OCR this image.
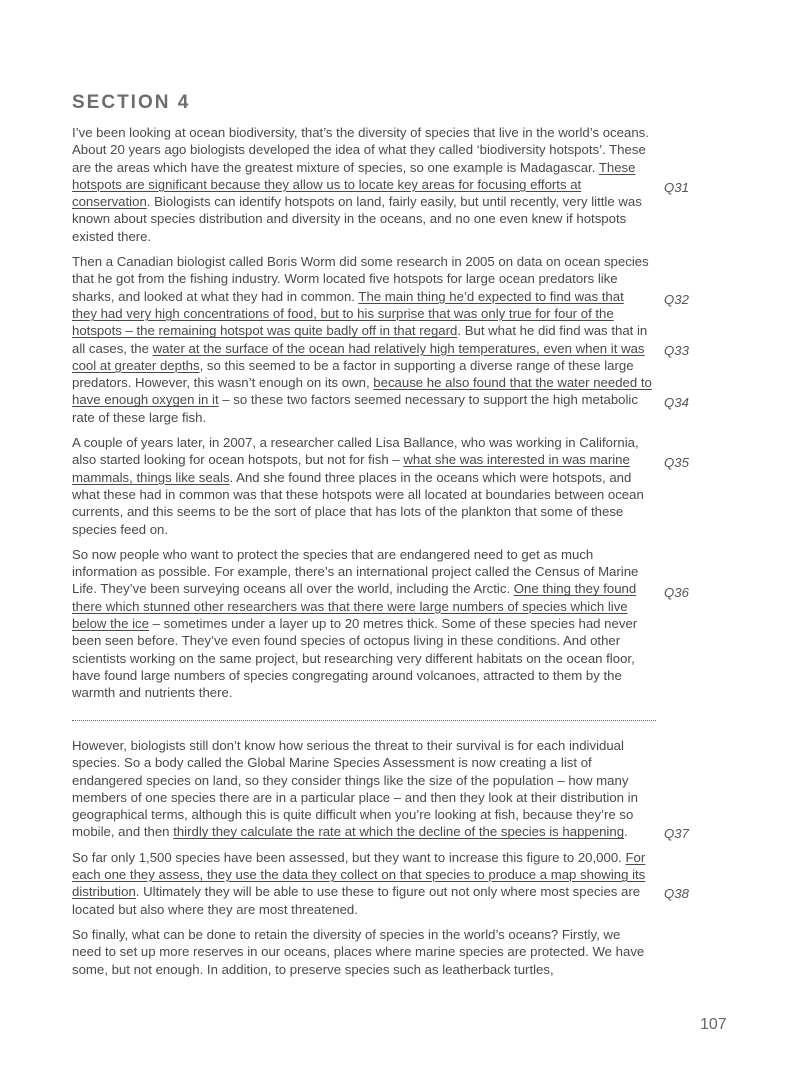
SECTION 4

I’ve been looking at ocean biodiversity, that’s the diversity of species that live in the world’s oceans. About 20 years ago biologists developed the idea of what they called ‘biodiversity hotspots’. These are the areas which have the greatest mixture of species, so one example is Madagascar. These hotspots are significant because they allow us to locate key areas for focusing efforts at conservation. Biologists can identify hotspots on land, fairly easily, but until recently, very little was known about species distribution and diversity in the oceans, and no one even knew if hotspots existed there.

Then a Canadian biologist called Boris Worm did some research in 2005 on data on ocean species that he got from the fishing industry. Worm located five hotspots for large ocean predators like sharks, and looked at what they had in common. The main thing he’d expected to find was that they had very high concentrations of food, but to his surprise that was only true for four of the hotspots – the remaining hotspot was quite badly off in that regard. But what he did find was that in all cases, the water at the surface of the ocean had relatively high temperatures, even when it was cool at greater depths, so this seemed to be a factor in supporting a diverse range of these large predators. However, this wasn’t enough on its own, because he also found that the water needed to have enough oxygen in it – so these two factors seemed necessary to support the high metabolic rate of these large fish.

A couple of years later, in 2007, a researcher called Lisa Ballance, who was working in California, also started looking for ocean hotspots, but not for fish – what she was interested in was marine mammals, things like seals. And she found three places in the oceans which were hotspots, and what these had in common was that these hotspots were all located at boundaries between ocean currents, and this seems to be the sort of place that has lots of the plankton that some of these species feed on.

So now people who want to protect the species that are endangered need to get as much information as possible. For example, there’s an international project called the Census of Marine Life. They’ve been surveying oceans all over the world, including the Arctic. One thing they found there which stunned other researchers was that there were large numbers of species which live below the ice – sometimes under a layer up to 20 metres thick. Some of these species had never been seen before. They’ve even found species of octopus living in these conditions. And other scientists working on the same project, but researching very different habitats on the ocean floor, have found large numbers of species congregating around volcanoes, attracted to them by the warmth and nutrients there.

However, biologists still don’t know how serious the threat to their survival is for each individual species. So a body called the Global Marine Species Assessment is now creating a list of endangered species on land, so they consider things like the size of the population – how many members of one species there are in a particular place – and then they look at their distribution in geographical terms, although this is quite difficult when you’re looking at fish, because they’re so mobile, and then thirdly they calculate the rate at which the decline of the species is happening.

So far only 1,500 species have been assessed, but they want to increase this figure to 20,000. For each one they assess, they use the data they collect on that species to produce a map showing its distribution. Ultimately they will be able to use these to figure out not only where most species are located but also where they are most threatened.

So finally, what can be done to retain the diversity of species in the world’s oceans? Firstly, we need to set up more reserves in our oceans, places where marine species are protected. We have some, but not enough. In addition, to preserve species such as leatherback turtles,

Q31
Q32
Q33
Q34
Q35
Q36
Q37
Q38
107
